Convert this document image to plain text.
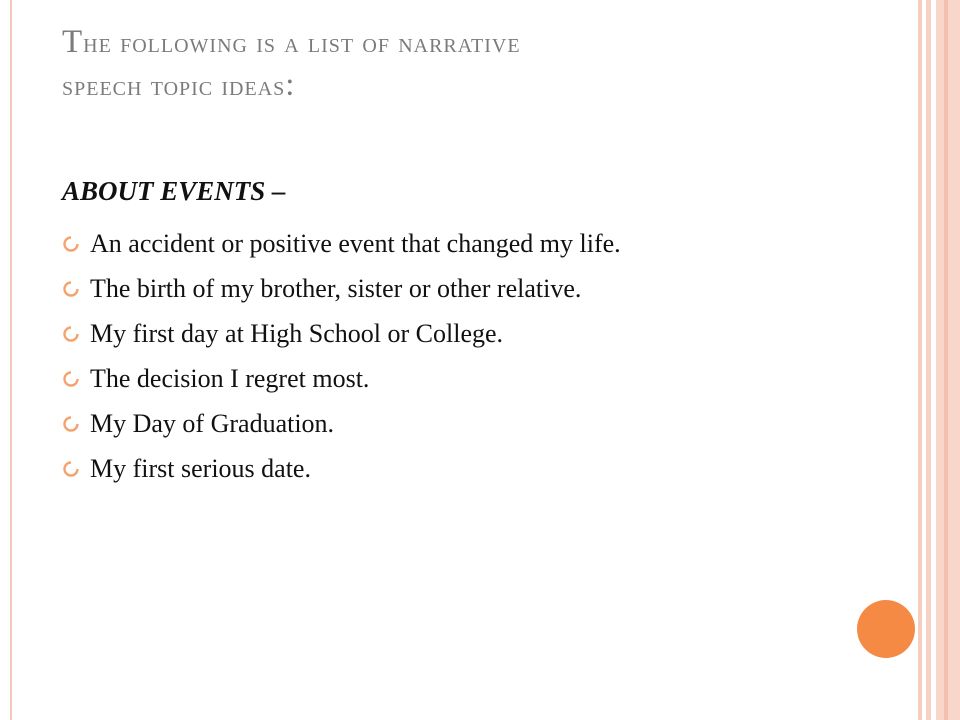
The following is a list of narrative
speech topic ideas:

ABOUT EVENTS –

An accident or positive event that changed my life.
The birth of my brother, sister or other relative.
My first day at High School or College.
The decision I regret most.
My Day of Graduation.
My first serious date.
